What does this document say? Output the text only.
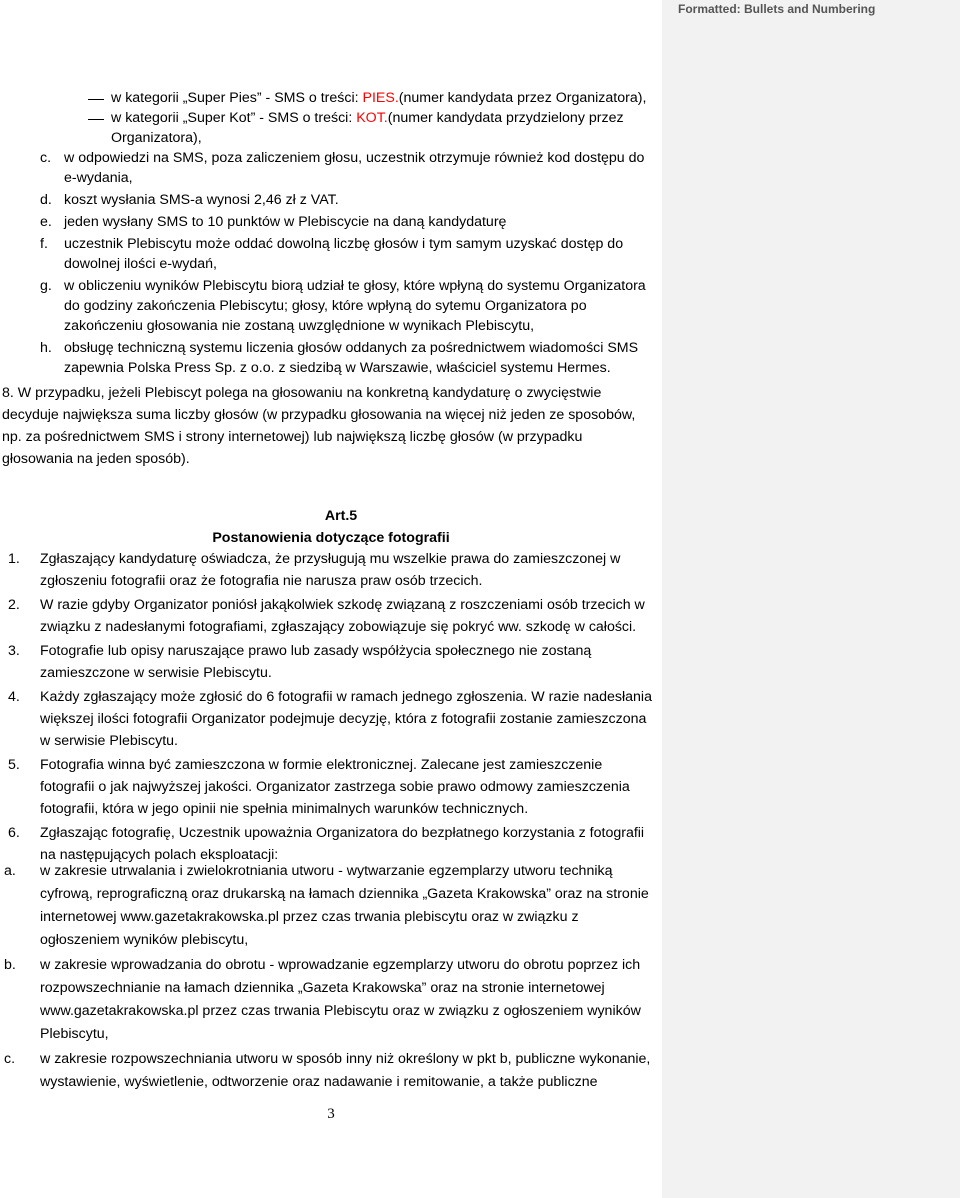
Formatted: Bullets and Numbering
w kategorii „Super Pies” - SMS o treści: PIES.(numer kandydata przez Organizatora),
w kategorii „Super Kot” - SMS o treści: KOT.(numer kandydata przydzielony przez
Organizatora),
c. w odpowiedzi na SMS, poza zaliczeniem głosu, uczestnik otrzymuje również kod dostępu do
e-wydania,
d. koszt wysłania SMS-a wynosi 2,46 zł z VAT.
e. jeden wysłany SMS to 10 punktów w Plebiscycie na daną kandydaturę
f. uczestnik Plebiscytu może oddać dowolną liczbę głosów i tym samym uzyskać dostęp do
dowolnej ilości e-wydań,
g. w obliczeniu wyników Plebiscytu biorą udział te głosy, które wpłyną do systemu Organizatora
do godziny zakończenia Plebiscytu; głosy, które wpłyną do sytemu Organizatora po
zakończeniu głosowania nie zostaną uwzględnione w wynikach Plebiscytu,
h. obsługę techniczną systemu liczenia głosów oddanych za pośrednictwem wiadomości SMS
zapewnia Polska Press Sp. z o.o. z siedzibą w Warszawie, właściciel systemu Hermes.
8. W przypadku, jeżeli Plebiscyt polega na głosowaniu na konkretną kandydaturę o zwycięstwie
decyduje największa suma liczby głosów (w przypadku głosowania na więcej niż jeden ze sposobów,
np. za pośrednictwem SMS i strony internetowej) lub największą liczbę głosów (w przypadku
głosowania na jeden sposób).
Art.5
Postanowienia dotyczące fotografii
1. Zgłaszający kandydaturę oświadcza, że przysługują mu wszelkie prawa do zamieszczonej w
zgłoszeniu fotografii oraz że fotografia nie narusza praw osób trzecich.
2. W razie gdyby Organizator poniósł jakąkolwiek szkodę związaną z roszczeniami osób trzecich w
związku z nadesłanymi fotografiami, zgłaszający zobowiązuje się pokryć ww. szkodę w całości.
3. Fotografie lub opisy naruszające prawo lub zasady współżycia społecznego nie zostaną
zamieszczone w serwisie Plebiscytu.
4. Każdy zgłaszający może zgłosić do 6 fotografii w ramach jednego zgłoszenia. W razie nadesłania
większej ilości fotografii Organizator podejmuje decyzję, która z fotografii zostanie zamieszczona
w serwisie Plebiscytu.
5. Fotografia winna być zamieszczona w formie elektronicznej. Zalecane jest zamieszczenie
fotografii o jak najwyższej jakości. Organizator zastrzega sobie prawo odmowy zamieszczenia
fotografii, która w jego opinii nie spełnia minimalnych warunków technicznych.
6. Zgłaszając fotografię, Uczestnik upoważnia Organizatora do bezpłatnego korzystania z fotografii
na następujących polach eksploatacji:
a. w zakresie utrwalania i zwielokrotniania utworu - wytwarzanie egzemplarzy utworu techniką
cyfrową, reprograficzną oraz drukarską na łamach dziennika „Gazeta Krakowska” oraz na stronie
internetowej www.gazetakrakowska.pl przez czas trwania plebiscytu oraz w związku z
ogłoszeniem wyników plebiscytu,
b. w zakresie wprowadzania do obrotu - wprowadzanie egzemplarzy utworu do obrotu poprzez ich
rozpowszechnianie na łamach dziennika „Gazeta Krakowska” oraz na stronie internetowej
www.gazetakrakowska.pl przez czas trwania Plebiscytu oraz w związku z ogłoszeniem wyników
Plebiscytu,
c. w zakresie rozpowszechniania utworu w sposób inny niż określony w pkt b, publiczne wykonanie,
wystawienie, wyświetlenie, odtworzenie oraz nadawanie i remitowanie, a także publiczne
3
